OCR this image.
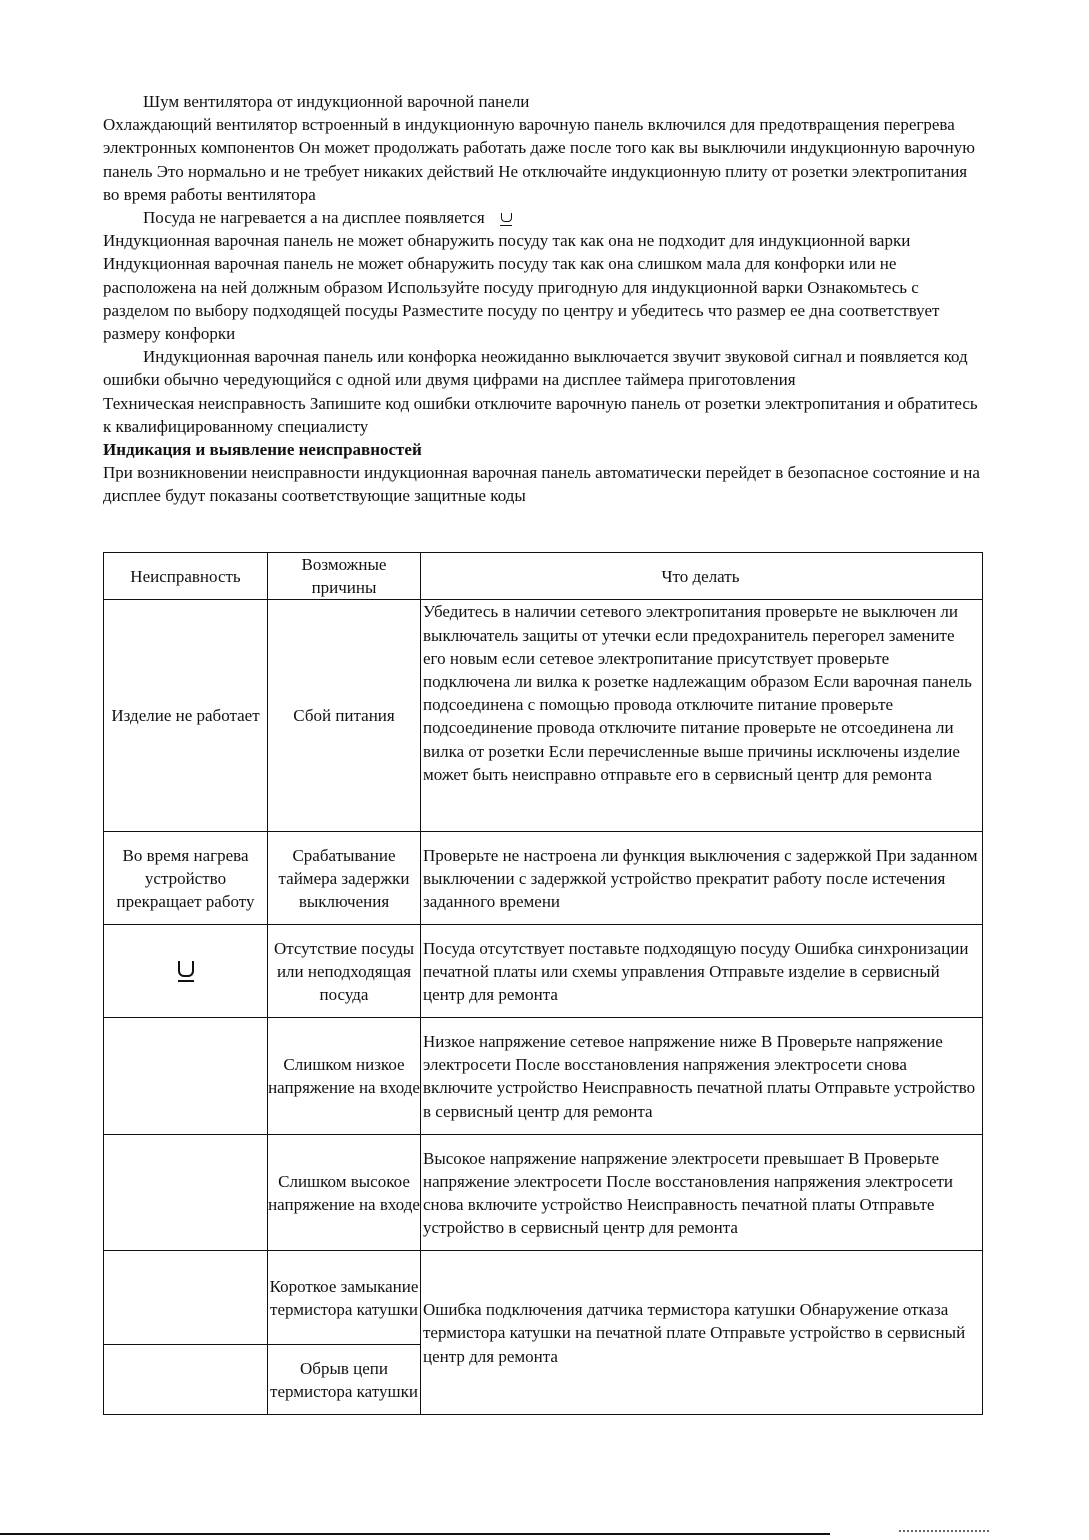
Шум вентилятора от индукционной варочной панели

Охлаждающий вентилятор встроенный в индукционную варочную панель включился для предотвращения перегрева электронных компонентов Он может продолжать работать даже после того как вы выключили индукционную варочную панель Это нормально и не требует никаких действий Не отключайте индукционную плиту от розетки электропитания во время работы вентилятора

Посуда не нагревается а на дисплее появляется

Индукционная варочная панель не может обнаружить посуду так как она не подходит для индукционной варки Индукционная варочная панель не может обнаружить посуду так как она слишком мала для конфорки или не расположена на ней должным образом Используйте посуду пригодную для индукционной варки Ознакомьтесь с разделом по выбору подходящей посуды Разместите посуду по центру и убедитесь что размер ее дна соответствует размеру конфорки

Индукционная варочная панель или конфорка неожиданно выключается звучит звуковой сигнал и появляется код ошибки обычно чередующийся с одной или двумя цифрами на дисплее таймера приготовления

Техническая неисправность Запишите код ошибки отключите варочную панель от розетки электропитания и обратитесь к квалифицированному специалисту

Индикация и выявление неисправностей

При возникновении неисправности индукционная варочная панель автоматически перейдет в безопасное состояние и на дисплее будут показаны соответствующие защитные коды

Неисправность	Возможные причины	Что делать
Изделие не работает	Сбой питания	Убедитесь в наличии сетевого электропитания проверьте не выключен ли выключатель защиты от утечки если предохранитель перегорел замените его новым если сетевое электропитание присутствует проверьте подключена ли вилка к розетке надлежащим образом Если варочная панель подсоединена с помощью провода отключите питание проверьте подсоединение провода отключите питание проверьте не отсоединена ли вилка от розетки Если перечисленные выше причины исключены изделие может быть неисправно отправьте его в сервисный центр для ремонта
Во время нагрева устройство прекращает работу	Срабатывание таймера задержки выключения	Проверьте не настроена ли функция выключения с задержкой При заданном выключении с задержкой устройство прекратит работу после истечения заданного времени
	Отсутствие посуды или неподходящая посуда	Посуда отсутствует поставьте подходящую посуду Ошибка синхронизации печатной платы или схемы управления Отправьте изделие в сервисный центр для ремонта
	Слишком низкое напряжение на входе	Низкое напряжение сетевое напряжение ниже В Проверьте напряжение электросети После восстановления напряжения электросети снова включите устройство Неисправность печатной платы Отправьте устройство в сервисный центр для ремонта
	Слишком высокое напряжение на входе	Высокое напряжение напряжение электросети превышает В Проверьте напряжение электросети После восстановления напряжения электросети снова включите устройство Неисправность печатной платы Отправьте устройство в сервисный центр для ремонта
	Короткое замыкание термистора катушки	Ошибка подключения датчика термистора катушки Обнаружение отказа термистора катушки на печатной плате Отправьте устройство в сервисный центр для ремонта
	Обрыв цепи термистора катушки	
